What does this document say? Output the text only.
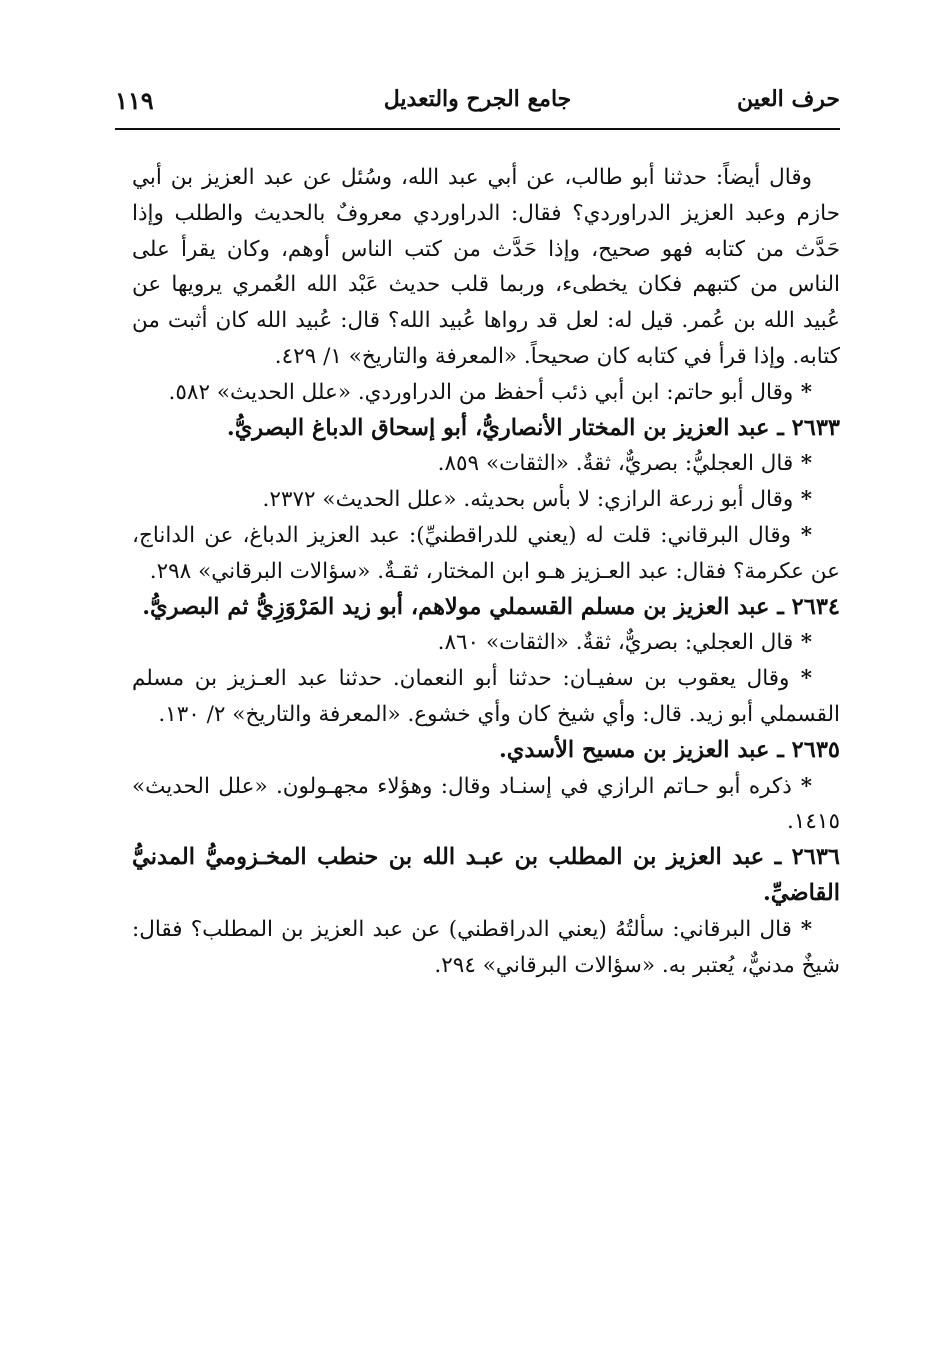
حرف العين
جامع الجرح والتعديل
١١٩

وقال أيضاً: حدثنا أبو طالب، عن أبي عبد الله، وسُئل عن عبد العزيز بن أبي حازم وعبد العزيز الدراوردي؟ فقال: الدراوردي معروفٌ بالحديث والطلب وإذا حَدَّث من كتابه فهو صحيح، وإذا حَدَّث من كتب الناس أوهم، وكان يقرأ على الناس من كتبهم فكان يخطىء، وربما قلب حديث عَبْد الله العُمري يرويها عن عُبيد الله بن عُمر. قيل له: لعل قد رواها عُبيد الله؟ قال: عُبيد الله كان أثبت من كتابه. وإذا قرأ في كتابه كان صحيحاً. «المعرفة والتاريخ» ١/ ٤٢٩.

* وقال أبو حاتم: ابن أبي ذئب أحفظ من الدراوردي. «علل الحديث» ٥٨٢.

٢٦٣٣ ـ عبد العزيز بن المختار الأنصاريُّ، أبو إسحاق الدباغ البصريُّ.

* قال العجليُّ: بصريٌّ، ثقةٌ. «الثقات» ٨٥٩.

* وقال أبو زرعة الرازي: لا بأس بحديثه. «علل الحديث» ٢٣٧٢.

* وقال البرقاني: قلت له (يعني للدراقطنيِّ): عبد العزيز الدباغ، عن الداناج، عن عكرمة؟ فقال: عبد العـزيز هـو ابن المختار، ثقـةٌ. «سؤالات البرقاني» ٢٩٨.

٢٦٣٤ ـ عبد العزيز بن مسلم القسملي مولاهم، أبو زيد المَرْوَزِيُّ ثم البصريُّ.

* قال العجلي: بصريٌّ، ثقةٌ. «الثقات» ٨٦٠.

* وقال يعقوب بن سفيـان: حدثنا أبو النعمان. حدثنا عبد العـزيز بن مسلم القسملي أبو زيد. قال: وأي شيخ كان وأي خشوع. «المعرفة والتاريخ» ٢/ ١٣٠.

٢٦٣٥ ـ عبد العزيز بن مسيح الأسدي.

* ذكره أبو حـاتم الرازي في إسنـاد وقال: وهؤلاء مجهـولون. «علل الحديث» ١٤١٥.

٢٦٣٦ ـ عبد العزيز بن المطلب بن عبـد الله بن حنطب المخـزوميُّ المدنيُّ القاضيِّ.

* قال البرقاني: سألتُهُ (يعني الدراقطني) عن عبد العزيز بن المطلب؟ فقال: شيخٌ مدنيٌّ، يُعتبر به. «سؤالات البرقاني» ٢٩٤.
